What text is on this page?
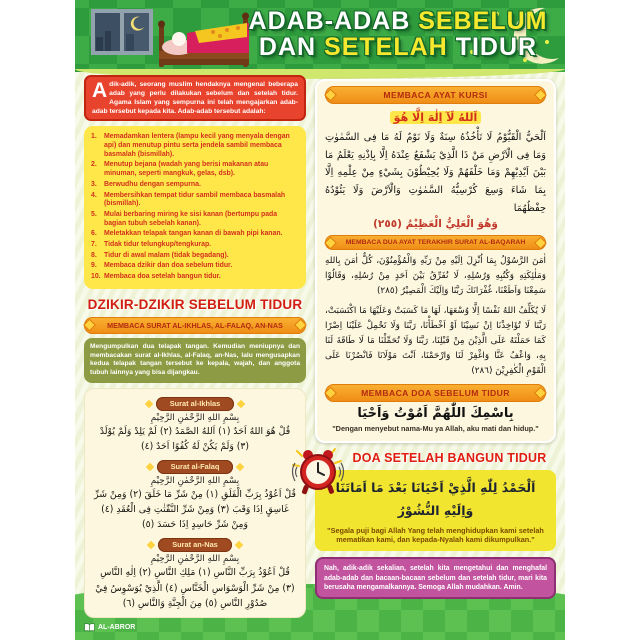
ADAB-ADAB SEBELUM
DAN SETELAH TIDUR
Adik-adik, seorang muslim hendaknya mengenal beberapa adab yang perlu dilakukan sebelum dan setelah tidur. Agama Islam yang sempurna ini telah mengajarkan adab-adab tersebut kepada kita. Adab-adab tersebut adalah:
1.	Memadamkan lentera (lampu kecil yang menyala dengan api) dan menutup pintu serta jendela sambil membaca basmalah (bismillah).
2.	Menutup bejana (wadah yang berisi makanan atau minuman, seperti mangkuk, gelas, dsb).
3.	Berwudhu dengan sempurna.
4.	Membersihkan tempat tidur sambil membaca basmalah (bismillah).
5.	Mulai berbaring miring ke sisi kanan (bertumpu pada bagian tubuh sebelah kanan).
6.	Meletakkan telapak tangan kanan di bawah pipi kanan.
7.	Tidak tidur telungkup/tengkurap.
8.	Tidur di awal malam (tidak begadang).
9.	Membaca dzikir dan doa sebelum tidur.
10. Membaca doa setelah bangun tidur.
DZIKIR-DZIKIR SEBELUM TIDUR
MEMBACA SURAT AL-IKHLAS, AL-FALAQ, AN-NAS
Mengumpulkan dua telapak tangan. Kemudian meniupnya dan membacakan surat al-Ikhlas, al-Falaq, an-Nas, lalu mengusapkan kedua telapak tangan tersebut ke kepala, wajah, dan anggota tubuh lainnya yang bisa dijangkau.
Surat al-Ikhlas
بِسْمِ اللهِ الرَّحْمٰنِ الرَّحِيْمِ
قُلْ هُوَ اللهُ اَحَدٌ (١) اَللهُ الصَّمَدُ (٢) لَمْ يَلِدْ وَلَمْ يُوْلَدْ (٣) وَلَمْ يَكُنْ لَهُ كُفُوًا اَحَدٌ (٤)
Surat al-Falaq
بِسْمِ اللهِ الرَّحْمٰنِ الرَّحِيْمِ
قُلْ اَعُوْذُ بِرَبِّ الْفَلَقِ (١) مِنْ شَرِّ مَا خَلَقَ (٢) وَمِنْ شَرِّ غَاسِقٍ اِذَا وَقَبَ (٣) وَمِنْ شَرِّ النَّفّٰثٰتِ فِى الْعُقَدِ (٤) وَمِنْ شَرِّ حَاسِدٍ اِذَا حَسَدَ (٥)
Surat an-Nas
بِسْمِ اللهِ الرَّحْمٰنِ الرَّحِيْمِ
قُلْ اَعُوْذُ بِرَبِّ النَّاسِ (١) مَلِكِ النَّاسِ (٢) اِلٰهِ النَّاسِ (٣) مِنْ شَرِّ الْوَسْوَاسِ الْخَنَّاسِ (٤) الَّذِيْ يُوَسْوِسُ فِيْ صُدُوْرِ النَّاسِ (٥) مِنَ الْجِنَّةِ وَالنَّاسِ (٦)
AL-ABROR
MEMBACA AYAT KURSI
اَللهُ لَآ اِلٰهَ اِلَّا هُوَ
اَلْحَيُّ الْقَيُّوْمُ لَا تَأْخُذُهُ سِنَةٌ وَلَا نَوْمٌ لَهُ مَا فِى السَّمٰوٰتِ وَمَا فِى الْاَرْضِ مَنْ ذَا الَّذِيْ يَشْفَعُ عِنْدَهُ اِلَّا بِاِذْنِهِ يَعْلَمُ مَا بَيْنَ اَيْدِيْهِمْ وَمَا خَلْفَهُمْ وَلَا يُحِيْطُوْنَ بِشَيْءٍ مِنْ عِلْمِهِ اِلَّا بِمَا شَاءَ وَسِعَ كُرْسِيُّهُ السَّمٰوٰتِ وَالْاَرْضَ وَلَا يَئُوْدُهُ حِفْظُهُمَا
وَهُوَ الْعَلِيُّ الْعَظِيْمُ (٢٥٥)
MEMBACA DUA AYAT TERAKHIR SURAT AL-BAQARAH
اٰمَنَ الرَّسُوْلُ بِمَا اُنْزِلَ اِلَيْهِ مِنْ رَبِّهِ وَالْمُؤْمِنُوْنَ، كُلٌّ اٰمَنَ بِاللهِ وَمَلٰئِكَتِهِ وَكُتُبِهِ وَرُسُلِهِ، لَا نُفَرِّقُ بَيْنَ اَحَدٍ مِنْ رُسُلِهِ، وَقَالُوْا سَمِعْنَا وَاَطَعْنَا، غُفْرَانَكَ رَبَّنَا وَاِلَيْكَ الْمَصِيْرُ (٢٨٥)
لَا يُكَلِّفُ اللهُ نَفْسًا اِلَّا وُسْعَهَا، لَهَا مَا كَسَبَتْ وَعَلَيْهَا مَا اكْتَسَبَتْ، رَبَّنَا لَا تُؤَاخِذْنَا اِنْ نَسِيْنَا اَوْ اَخْطَأْنَا، رَبَّنَا وَلَا تَحْمِلْ عَلَيْنَا اِصْرًا كَمَا حَمَلْتَهُ عَلَى الَّذِيْنَ مِنْ قَبْلِنَا، رَبَّنَا وَلَا تُحَمِّلْنَا مَا لَا طَاقَةَ لَنَا بِهِ، وَاعْفُ عَنَّا وَاغْفِرْ لَنَا وَارْحَمْنَا، اَنْتَ مَوْلَانَا فَانْصُرْنَا عَلَى الْقَوْمِ الْكٰفِرِيْنَ (٢٨٦)
MEMBACA DOA SEBELUM TIDUR
بِاسْمِكَ اللّٰهُمَّ اَمُوْتُ وَاَحْيَا
"Dengan menyebut nama-Mu ya Allah, aku mati dan hidup."
DOA SETELAH BANGUN TIDUR
اَلْحَمْدُ لِلّٰهِ الَّذِيْ اَحْيَانَا بَعْدَ مَا اَمَاتَنَا وَاِلَيْهِ النُّشُوْرُ
"Segala puji bagi Allah Yang telah menghidupkan kami setelah mematikan kami, dan kepada-Nyalah kami dikumpulkan."
Nah, adik-adik sekalian, setelah kita mengetahui dan menghafal adab-adab dan bacaan-bacaan sebelum dan setelah tidur, mari kita berusaha mengamalkannya. Semoga Allah mudahkan. Amin.
